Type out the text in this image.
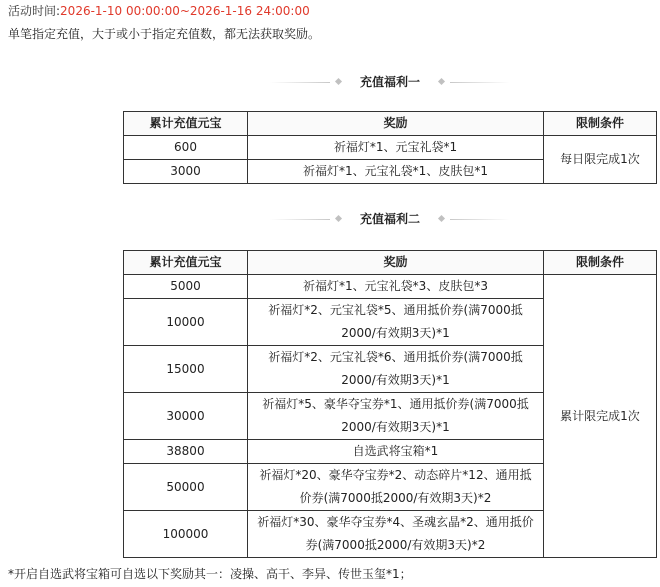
活动时间:2026-1-10 00:00:00~2026-1-16 24:00:00
单笔指定充值，大于或小于指定充值数，都无法获取奖励。
充值福利一
累计充值元宝	奖励	限制条件
600	祈福灯*1、元宝礼袋*1	每日限完成1次
3000	祈福灯*1、元宝礼袋*1、皮肤包*1	
充值福利二
累计充值元宝	奖励	限制条件
5000	祈福灯*1、元宝礼袋*3、皮肤包*3	累计限完成1次
10000	祈福灯*2、元宝礼袋*5、通用抵价券(满7000抵
2000/有效期3天)*1	

15000	祈福灯*2、元宝礼袋*6、通用抵价券(满7000抵
2000/有效期3天)*1	

30000	祈福灯*5、豪华夺宝券*1、通用抵价券(满7000抵
2000/有效期3天)*1	

38800	自选武将宝箱*1	

50000	祈福灯*20、豪华夺宝券*2、动态碎片*12、通用抵
价券(满7000抵2000/有效期3天)*2	

100000	祈福灯*30、豪华夺宝券*4、圣魂玄晶*2、通用抵价
券(满7000抵2000/有效期3天)*2	
*开启自选武将宝箱可自选以下奖励其一：凌操、高干、李异、传世玉玺*1；
